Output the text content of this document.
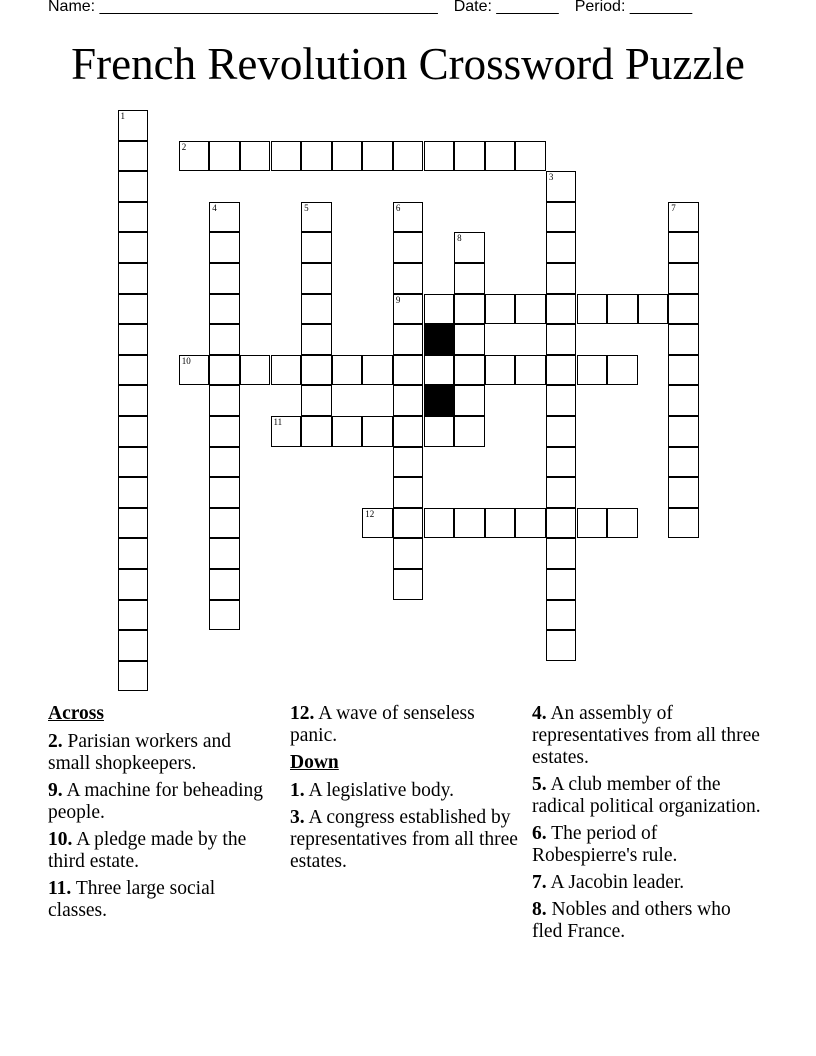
Name: ______________________________________ Date: _______ Period: _______
French Revolution Crossword Puzzle
1
2
3
4	5	6
9
7
8
10
11
12
Across
2. Parisian workers and small shopkeepers.
9. A machine for beheading people.
10. A pledge made by the third estate.
11. Three large social classes.
12. A wave of senseless panic.
Down
1. A legislative body.
3. A congress established by representatives from all three estates.
4. An assembly of representatives from all three estates.
5. A club member of the radical political organization.
6. The period of Robespierre's rule.
7. A Jacobin leader.
8. Nobles and others who fled France.
